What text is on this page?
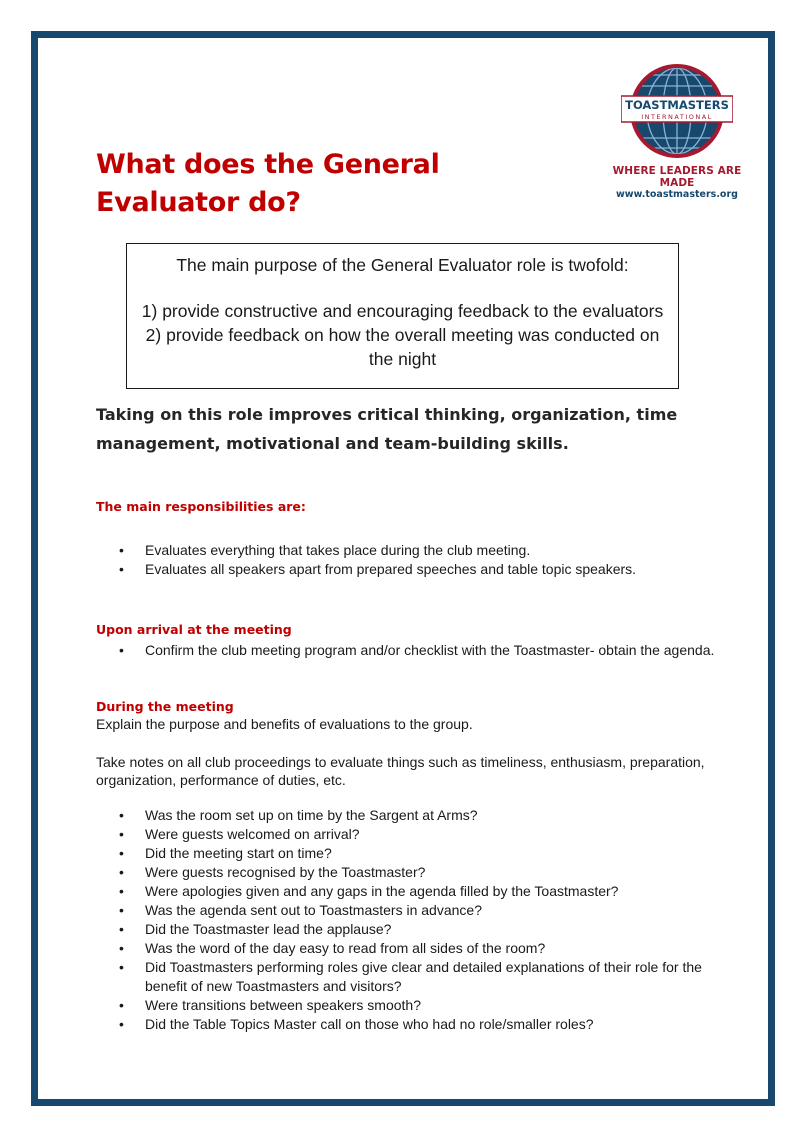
What does the General Evaluator do?
TOASTMASTERS
INTERNATIONAL
WHERE LEADERS ARE MADE
www.toastmasters.org
The main purpose of the General Evaluator role is twofold:
1) provide constructive and encouraging feedback to the evaluators
2) provide feedback on how the overall meeting was conducted on the night

Taking on this role improves critical thinking, organization, time management, motivational and team-building skills.

The main responsibilities are:
• Evaluates everything that takes place during the club meeting.
• Evaluates all speakers apart from prepared speeches and table topic speakers.
Upon arrival at the meeting
• Confirm the club meeting program and/or checklist with the Toastmaster- obtain the agenda.
During the meeting

Explain the purpose and benefits of evaluations to the group.

Take notes on all club proceedings to evaluate things such as timeliness, enthusiasm, preparation, organization, performance of duties, etc.

• Was the room set up on time by the Sargent at Arms?
• Were guests welcomed on arrival?
• Did the meeting start on time?
• Were guests recognised by the Toastmaster?
• Were apologies given and any gaps in the agenda filled by the Toastmaster?
• Was the agenda sent out to Toastmasters in advance?
• Did the Toastmaster lead the applause?
• Was the word of the day easy to read from all sides of the room?
• Did Toastmasters performing roles give clear and detailed explanations of their role for the benefit of new Toastmasters and visitors?
• Were transitions between speakers smooth?
• Did the Table Topics Master call on those who had no role/smaller roles?
